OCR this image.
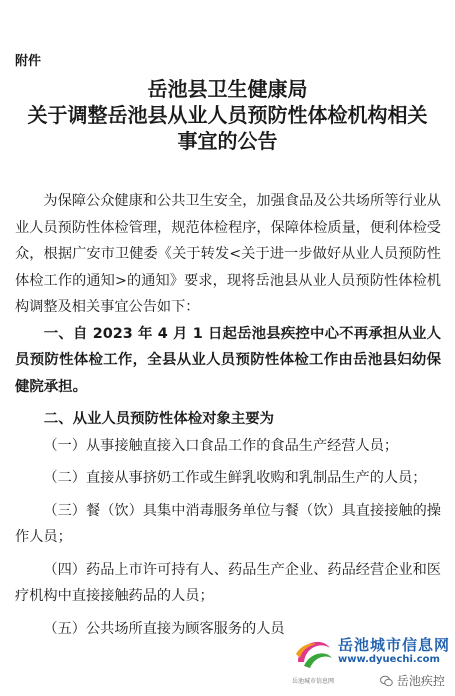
附件
岳池县卫生健康局
关于调整岳池县从业人员预防性体检机构相关
事宜的公告

为保障公众健康和公共卫生安全，加强食品及公共场所等行业从业人员预防性体检管理，规范体检程序，保障体检质量，便利体检受众，根据广安市卫健委《关于转发<关于进一步做好从业人员预防性体检工作的通知>的通知》要求，现将岳池县从业人员预防性体检机构调整及相关事宜公告如下：

一、自 2023 年 4 月 1 日起岳池县疾控中心不再承担从业人员预防性体检工作，全县从业人员预防性体检工作由岳池县妇幼保健院承担。

二、从业人员预防性体检对象主要为

（一）从事接触直接入口食品工作的食品生产经营人员；

（二）直接从事挤奶工作或生鲜乳收购和乳制品生产的人员；

（三）餐（饮）具集中消毒服务单位与餐（饮）具直接接触的操作人员；

（四）药品上市许可持有人、药品生产企业、药品经营企业和医疗机构中直接接触药品的人员；

（五）公共场所直接为顾客服务的人员

岳池城市信息网
www.dyuechi.com
岳池城市信息网	岳池疾控
